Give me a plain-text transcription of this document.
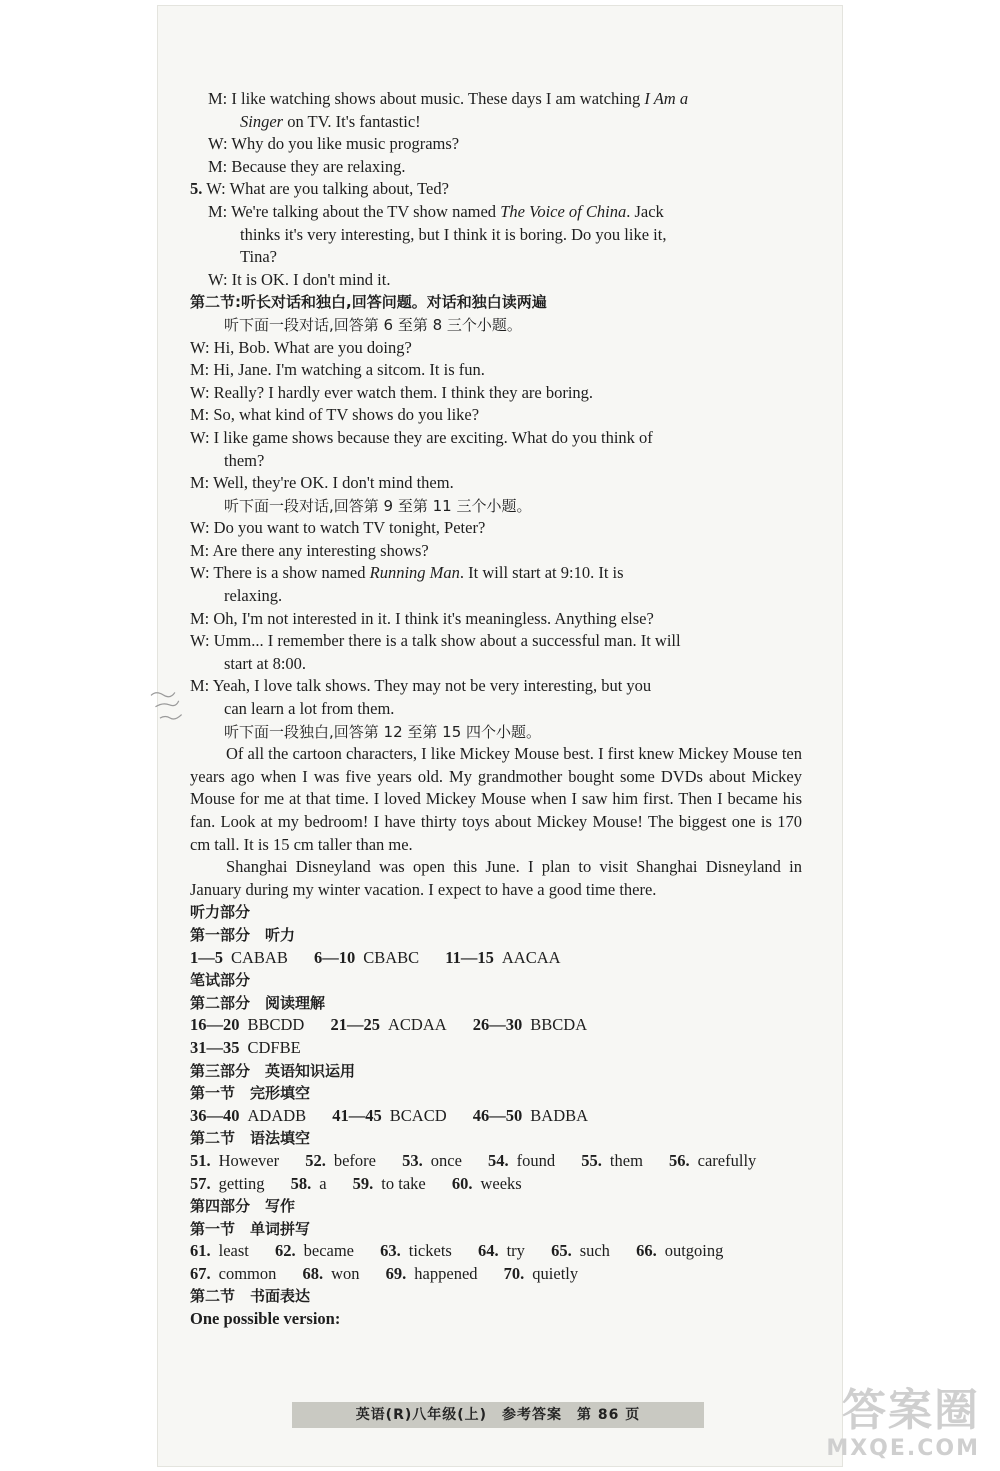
M: I like watching shows about music. These days I am watching I Am a
Singer on TV. It's fantastic!
W: Why do you like music programs?
M: Because they are relaxing.
5. W: What are you talking about, Ted?
M: We're talking about the TV show named The Voice of China. Jack
thinks it's very interesting, but I think it is boring. Do you like it,
Tina?
W: It is OK. I don't mind it.
第二节:听长对话和独白,回答问题。对话和独白读两遍
听下面一段对话,回答第 6 至第 8 三个小题。
W: Hi, Bob. What are you doing?
M: Hi, Jane. I'm watching a sitcom. It is fun.
W: Really? I hardly ever watch them. I think they are boring.
M: So, what kind of TV shows do you like?
W: I like game shows because they are exciting. What do you think of
them?
M: Well, they're OK. I don't mind them.
听下面一段对话,回答第 9 至第 11 三个小题。
W: Do you want to watch TV tonight, Peter?
M: Are there any interesting shows?
W: There is a show named Running Man. It will start at 9:10. It is
relaxing.
M: Oh, I'm not interested in it. I think it's meaningless. Anything else?
W: Umm... I remember there is a talk show about a successful man. It will
start at 8:00.
M: Yeah, I love talk shows. They may not be very interesting, but you
can learn a lot from them.
听下面一段独白,回答第 12 至第 15 四个小题。
Of all the cartoon characters, I like Mickey Mouse best. I first knew Mickey Mouse ten years ago when I was five years old. My grandmother bought some DVDs about Mickey Mouse for me at that time. I loved Mickey Mouse when I saw him first. Then I became his fan. Look at my bedroom! I have thirty toys about Mickey Mouse! The biggest one is 170 cm tall. It is 15 cm taller than me.
Shanghai Disneyland was open this June. I plan to visit Shanghai Disneyland in January during my winter vacation. I expect to have a good time there.
听力部分
第一部分　听力
1—5 CABAB 6—10 CBABC 11—15 AACAA
笔试部分
第二部分　阅读理解
16—20 BBCDD 21—25 ACDAA 26—30 BBCDA
31—35 CDFBE
第三部分　英语知识运用
第一节　完形填空
36—40 ADADB 41—45 BCACD 46—50 BADBA
第二节　语法填空
51. However 52. before 53. once 54. found 55. them 56. carefully
57. getting 58. a 59. to take 60. weeks
第四部分　写作
第一节　单词拼写
61. least 62. became 63. tickets 64. try 65. such 66. outgoing
67. common 68. won 69. happened 70. quietly
第二节　书面表达
One possible version:
英语(R)八年级(上)　参考答案　第 86 页	答案圈
MXQE.COM
